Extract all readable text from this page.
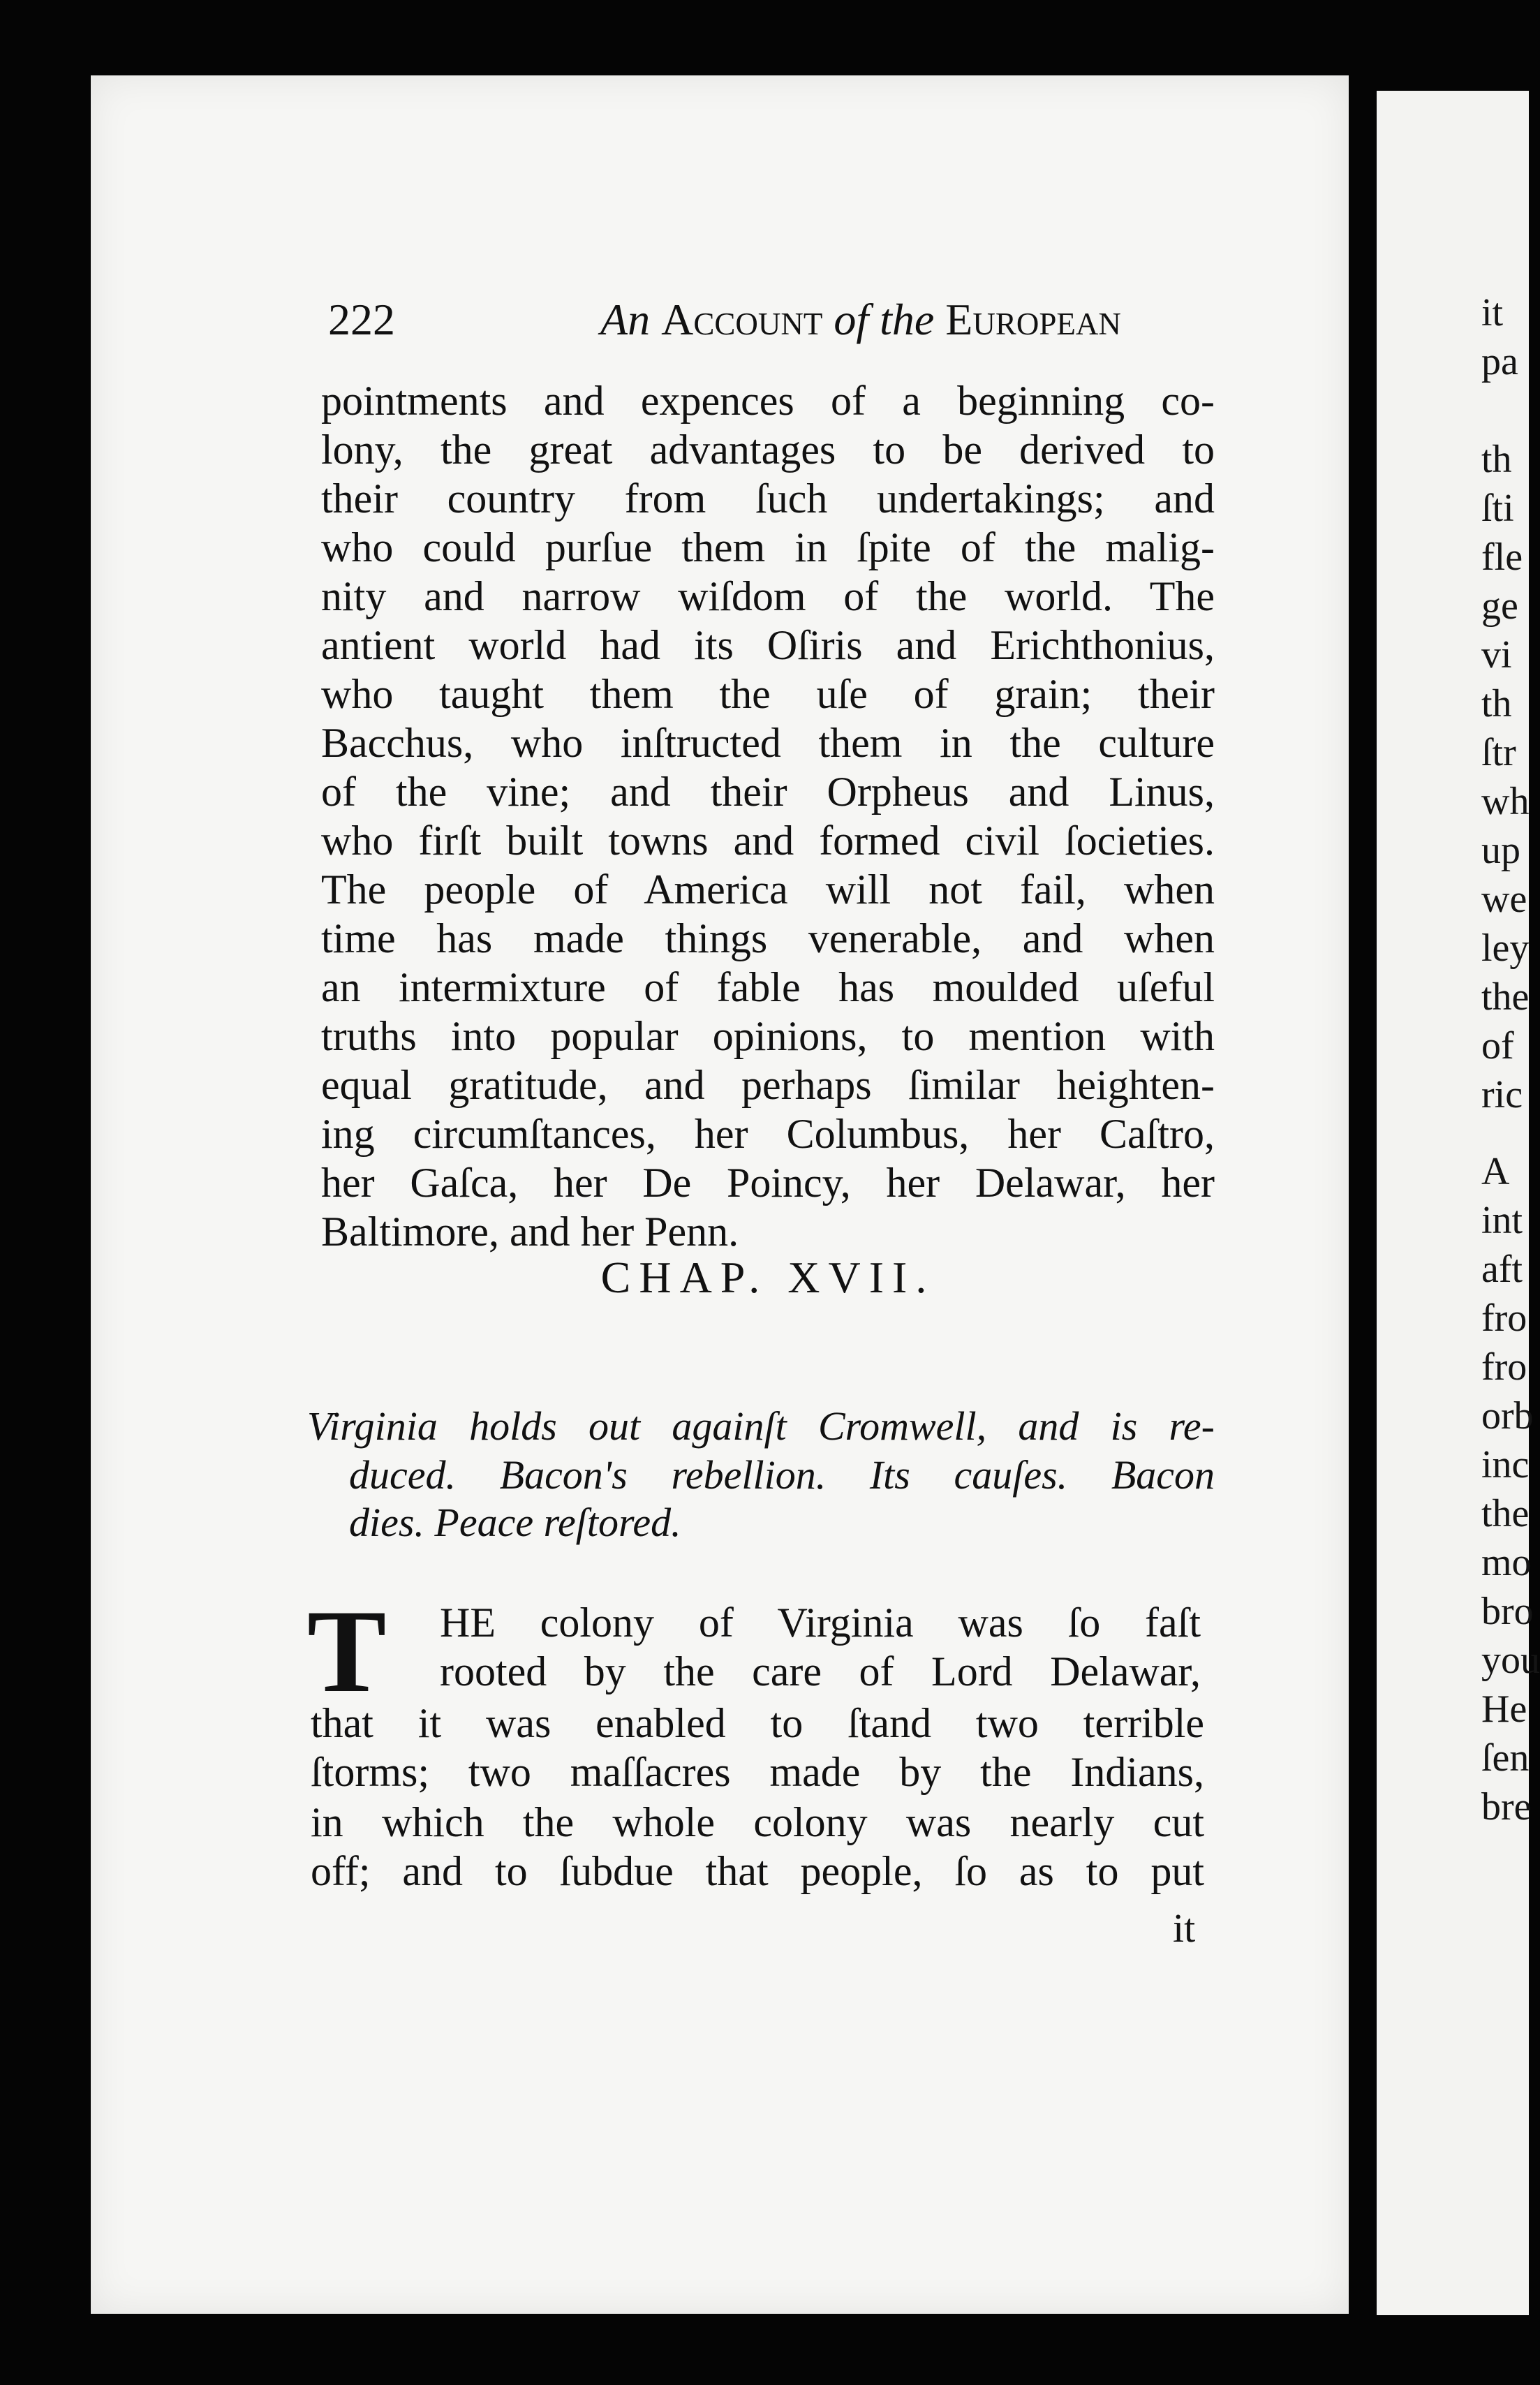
222	An Account of the European
pointments and expences of a beginning co-
lony, the great advantages to be derived to
their country from ſuch undertakings; and
who could purſue them in ſpite of the malig-
nity and narrow wiſdom of the world. The
antient world had its Oſiris and Erichthonius,
who taught them the uſe of grain; their
Bacchus, who inſtructed them in the culture
of the vine; and their Orpheus and Linus,
who firſt built towns and formed civil ſocieties.
The people of America will not fail, when
time has made things venerable, and when
an intermixture of fable has moulded uſeful
truths into popular opinions, to mention with
equal gratitude, and perhaps ſimilar heighten-
ing circumſtances, her Columbus, her Caſtro,
her Gaſca, her De Poincy, her Delawar, her
Baltimore, and her Penn.
CHAP. XVII.
Virginia holds out againſt Cromwell, and is re-
duced. Bacon's rebellion. Its cauſes. Bacon
dies. Peace reſtored.
T	HE colony of Virginia was ſo faſt
rooted by the care of Lord Delawar,
that it was enabled to ſtand two terrible
ſtorms; two maſſacres made by the Indians,
in which the whole colony was nearly cut
off; and to ſubdue that people, ſo as to put
it
it
pa
th
ſti
fle
ge
vi
th
ſtr
wh
up
we
ley
the
of
ric
A
int
aft
fro
fro
orb
inc
the
mo
bro
you
He
ſen
bre
